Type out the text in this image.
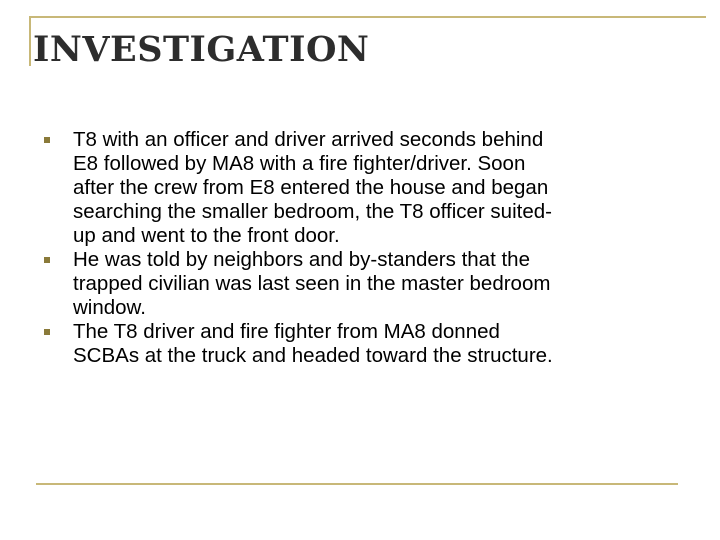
INVESTIGATION
T8 with an officer and driver arrived seconds behind
E8 followed by MA8 with a fire fighter/driver. Soon
after the crew from E8 entered the house and began
searching the smaller bedroom, the T8 officer suited-
up and went to the front door.
He was told by neighbors and by-standers that the
trapped civilian was last seen in the master bedroom
window.
The T8 driver and fire fighter from MA8 donned
SCBAs at the truck and headed toward the structure.
